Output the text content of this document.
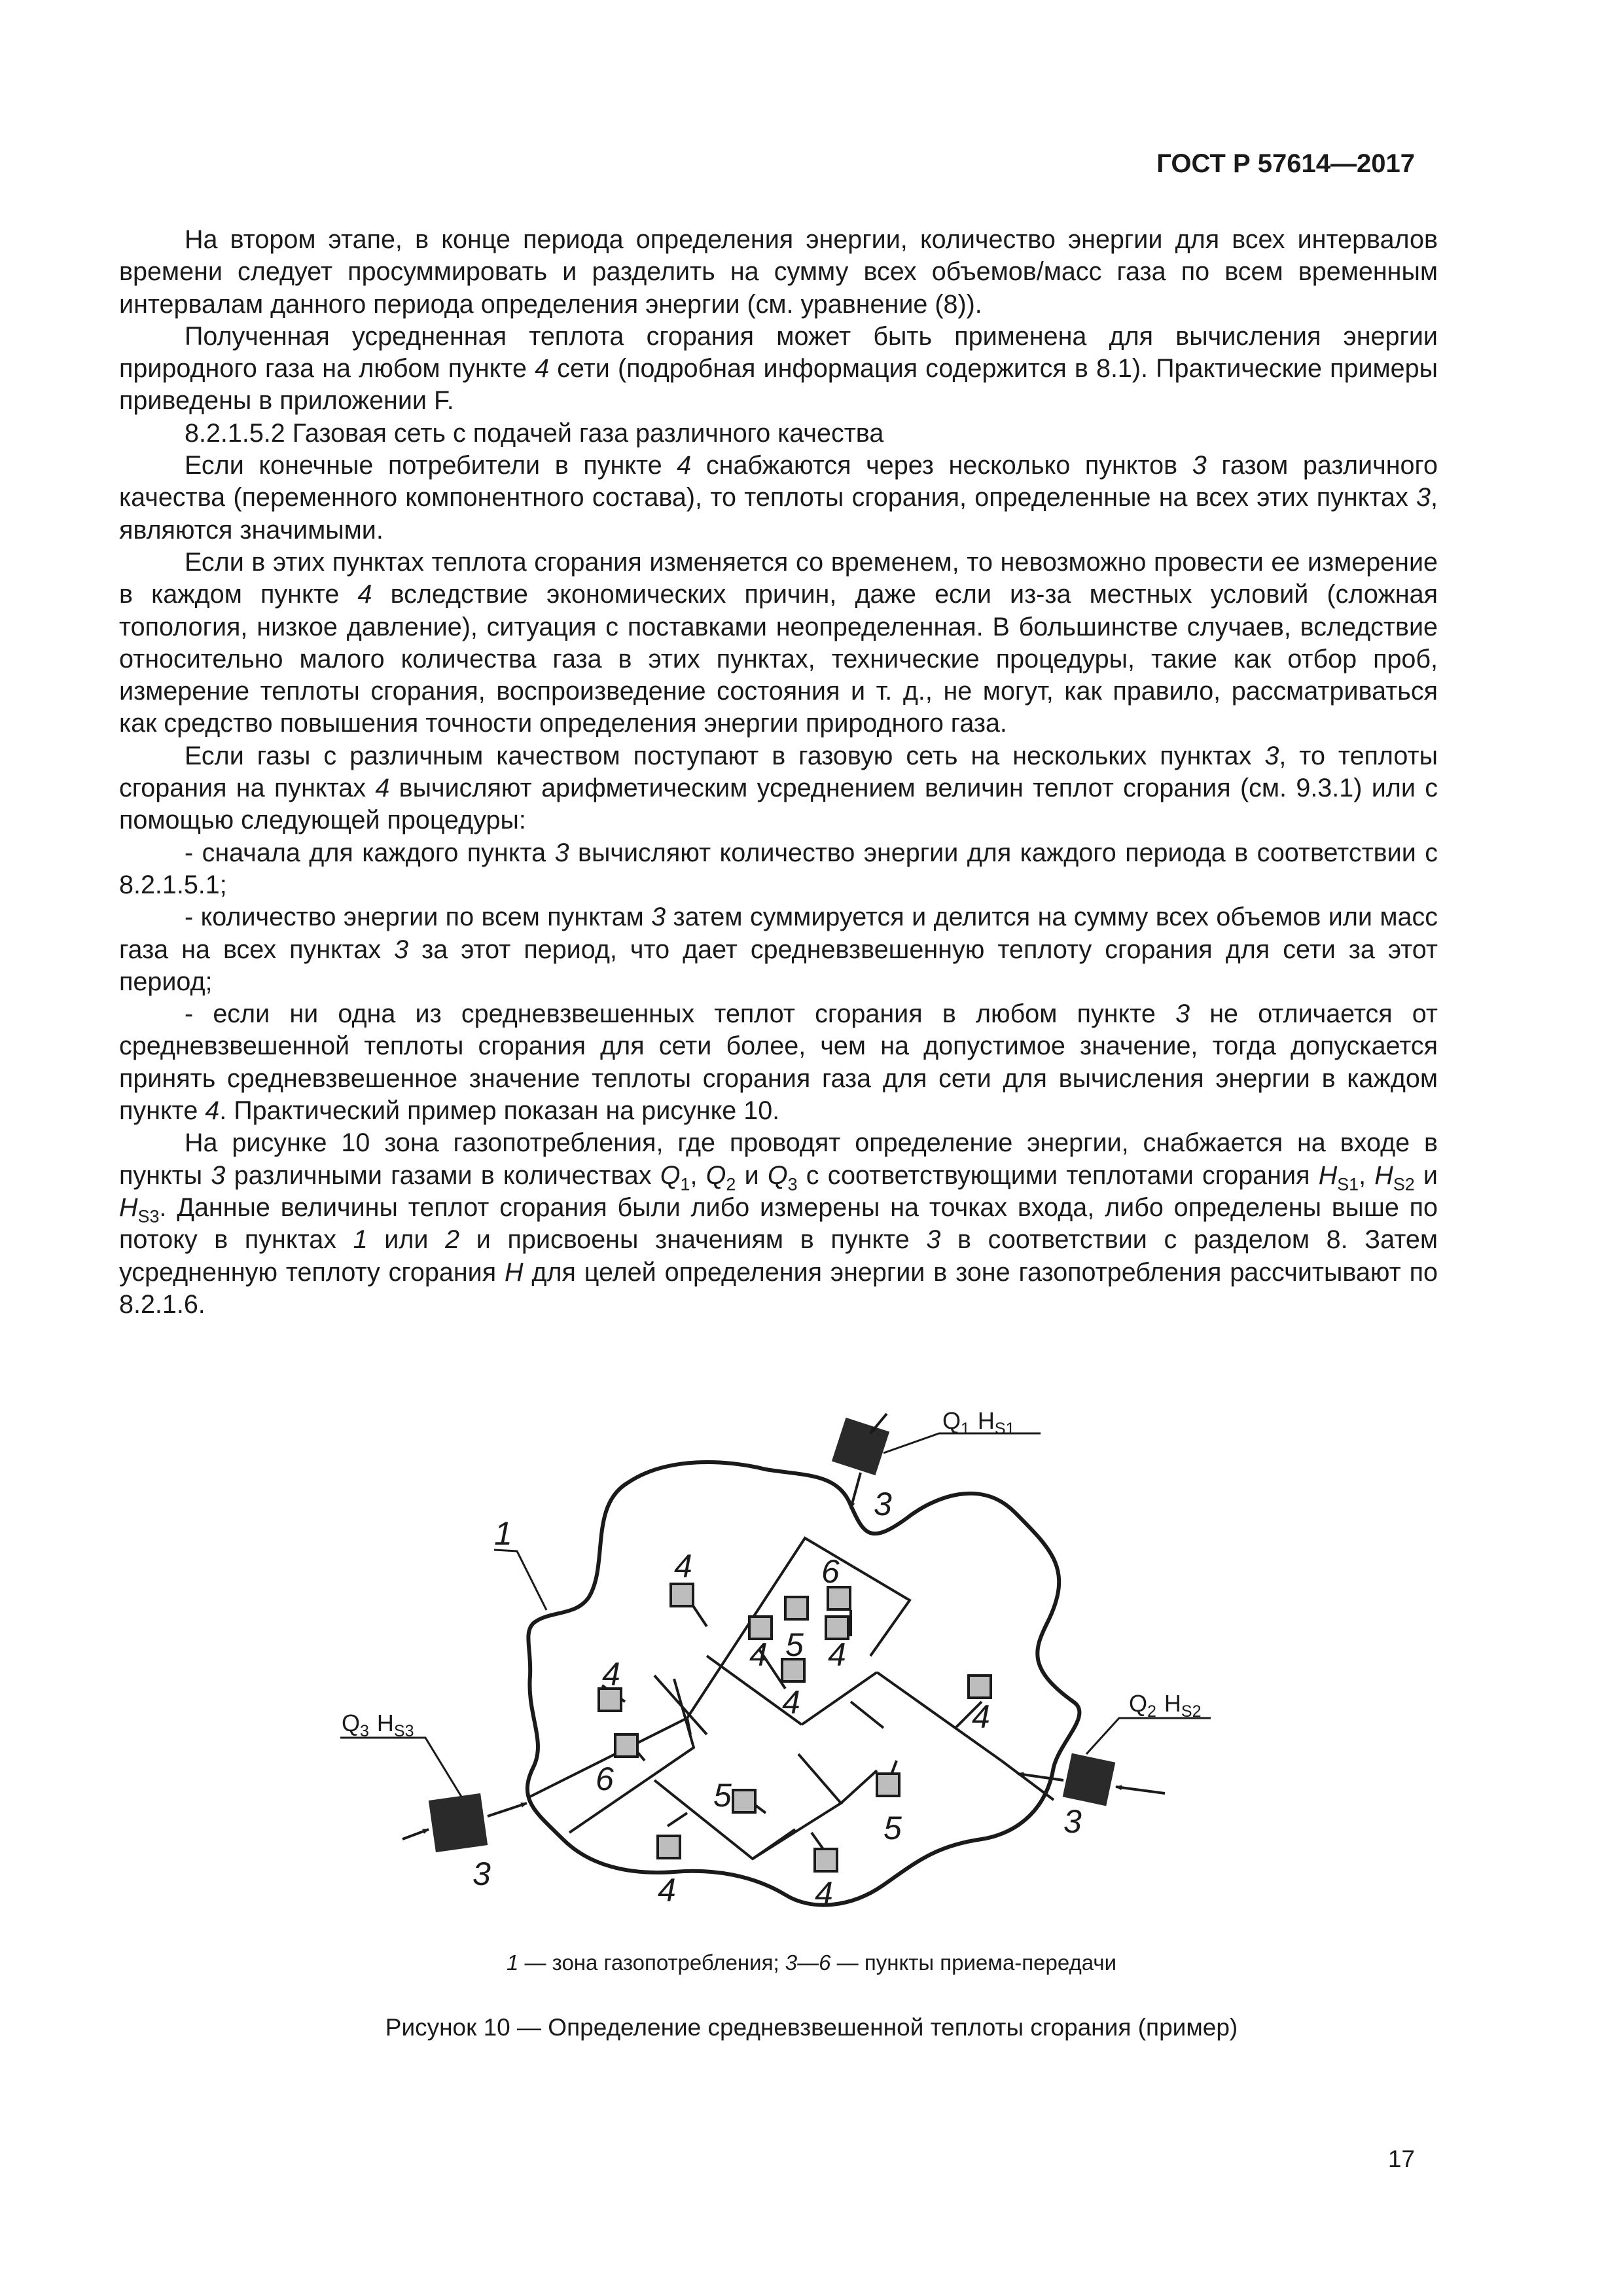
ГОСТ Р 57614—2017

На втором этапе, в конце периода определения энергии, количество энергии для всех интервалов времени следует просуммировать и разделить на сумму всех объемов/масс газа по всем временным интервалам данного периода определения энергии (см. уравнение (8)).

Полученная усредненная теплота сгорания может быть применена для вычисления энергии природного газа на любом пункте 4 сети (подробная информация содержится в 8.1). Практические примеры приведены в приложении F.

8.2.1.5.2 Газовая сеть с подачей газа различного качества

Если конечные потребители в пункте 4 снабжаются через несколько пунктов 3 газом различного качества (переменного компонентного состава), то теплоты сгорания, определенные на всех этих пунктах 3, являются значимыми.

Если в этих пунктах теплота сгорания изменяется со временем, то невозможно провести ее измерение в каждом пункте 4 вследствие экономических причин, даже если из-за местных условий (сложная топология, низкое давление), ситуация с поставками неопределенная. В большинстве случаев, вследствие относительно малого количества газа в этих пунктах, технические процедуры, такие как отбор проб, измерение теплоты сгорания, воспроизведение состояния и т. д., не могут, как правило, рассматриваться как средство повышения точности определения энергии природного газа.

Если газы с различным качеством поступают в газовую сеть на нескольких пунктах 3, то теплоты сгорания на пунктах 4 вычисляют арифметическим усреднением величин теплот сгорания (см. 9.3.1) или с помощью следующей процедуры:

- сначала для каждого пункта 3 вычисляют количество энергии для каждого периода в соответствии с 8.2.1.5.1;

- количество энергии по всем пунктам 3 затем суммируется и делится на сумму всех объемов или масс газа на всех пунктах 3 за этот период, что дает средневзвешенную теплоту сгорания для сети за этот период;

- если ни одна из средневзвешенных теплот сгорания в любом пункте 3 не отличается от средневзвешенной теплоты сгорания для сети более, чем на допустимое значение, тогда допускается принять средневзвешенное значение теплоты сгорания газа для сети для вычисления энергии в каждом пункте 4. Практический пример показан на рисунке 10.

На рисунке 10 зона газопотребления, где проводят определение энергии, снабжается на входе в пункты 3 различными газами в количествах $Q_1$, $Q_2$ и $Q_3$ с соответствующими теплотами сгорания $H_{S1}$, $H_{S2}$ и $H_{S3}$. Данные величины теплот сгорания были либо измерены на точках входа, либо определены выше по потоку в пунктах 1 или 2 и присвоены значениям в пункте 3 в соответствии с разделом 8. Затем усредненную теплоту сгорания H для целей определения энергии в зоне газопотребления рассчитывают по 8.2.1.6.

1
3
3
3
$Q_1$ $H_{S1}$
$Q_2$ $H_{S2}$
$Q_3$ $H_{S3}$
4	6
5
4 4
4
4
6
4
5
5
4	4
1 — зона газопотребления; 3—6 — пункты приема-передачи
Рисунок 10 — Определение средневзвешенной теплоты сгорания (пример)
17
